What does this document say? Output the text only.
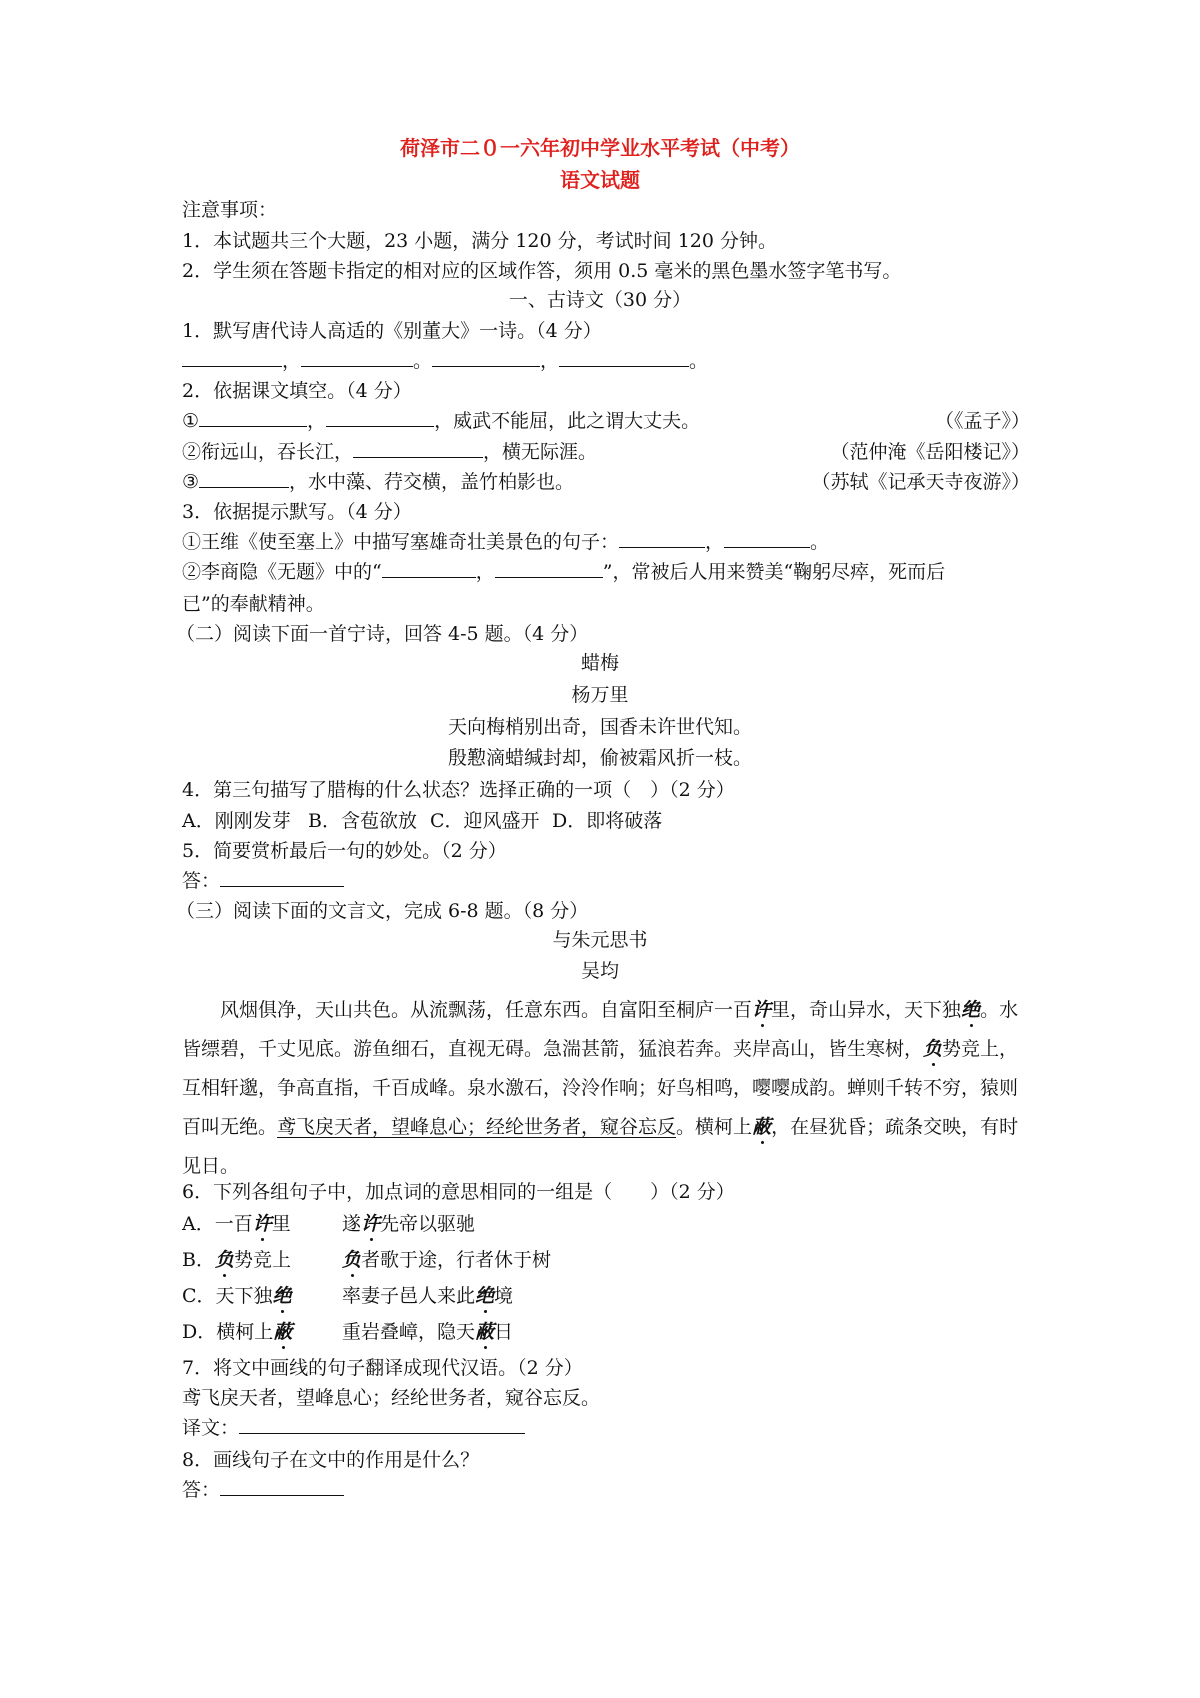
荷泽市二０一六年初中学业水平考试（中考）
语文试题
注意事项：
1．本试题共三个大题，23 小题，满分 120 分，考试时间 120 分钟。
2．学生须在答题卡指定的相对应的区域作答，须用 0.5 毫米的黑色墨水签字笔书写。
一、古诗文（30 分）
1．默写唐代诗人高适的《别董大》一诗。（4 分）
，	。	，	。
2．依据课文填空。（4 分）
①	，	，威武不能屈，此之谓大丈夫。	（《孟子》）
②衔远山，吞长江，	，横无际涯。	（范仲淹《岳阳楼记》）
③	，水中藻、荇交横，盖竹柏影也。	（苏轼《记承天寺夜游》）
3．依据提示默写。（4 分）
①王维《使至塞上》中描写塞雄奇壮美景色的句子：	，	。
②李商隐《无题》中的“	，	”，常被后人用来赞美“鞠躬尽瘁，死而后
已”的奉献精神。
（二）阅读下面一首宁诗，回答 4-5 题。（4 分）
蜡梅
杨万里
天向梅梢别出奇，国香未许世代知。
殷懃滴蜡缄封却，偷被霜风折一枝。
4．第三句描写了腊梅的什么状态？选择正确的一项（　）（2 分）
A．刚刚发芽 B．含苞欲放 C．迎风盛开 D．即将破落
5．简要赏析最后一句的妙处。（2 分）
答：
（三）阅读下面的文言文，完成 6-8 题。（8 分）
与朱元思书
吴均
风烟俱净，天山共色。从流飘荡，任意东西。自富阳至桐庐一百许里，奇山异水，天下独绝。水皆缥碧，千丈见底。游鱼细石，直视无碍。急湍甚箭，猛浪若奔。夹岸高山，皆生寒树，负势竞上，互相轩邈，争高直指，千百成峰。泉水激石，泠泠作响；好鸟相鸣，嘤嘤成韵。蝉则千转不穷，猿则百叫无绝。鸢飞戾天者，望峰息心；经纶世务者，窥谷忘反。横柯上蔽，在昼犹昏；疏条交映，有时见日。
6．下列各组句子中，加点词的意思相同的一组是（　　）（2 分）
A．一百许里	遂许先帝以驱驰
B．负势竞上	负者歌于途，行者休于树
C．天下独绝	率妻子邑人来此绝境
D．横柯上蔽	重岩叠嶂，隐天蔽日
7．将文中画线的句子翻译成现代汉语。（2 分）
鸢飞戾天者，望峰息心；经纶世务者，窥谷忘反。
译文：
8．画线句子在文中的作用是什么？
答：
